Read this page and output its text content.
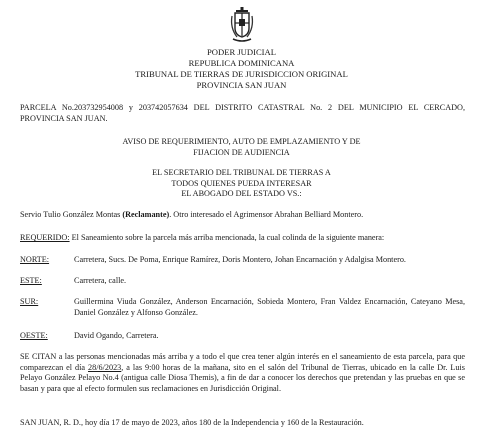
PODER JUDICIAL
REPUBLICA DOMINICANA
TRIBUNAL DE TIERRAS DE JURISDICCION ORIGINAL
PROVINCIA SAN JUAN
PARCELA No.203732954008 y 203742057634 DEL DISTRITO CATASTRAL No. 2 DEL MUNICIPIO EL CERCADO, PROVINCIA SAN JUAN.
AVISO DE REQUERIMIENTO, AUTO DE EMPLAZAMIENTO Y DE
FIJACION DE AUDIENCIA
EL SECRETARIO DEL TRIBUNAL DE TIERRAS A
TODOS QUIENES PUEDA INTERESAR
EL ABOGADO DEL ESTADO VS.:
Servio Tulio González Montas (Reclamante). Otro interesado el Agrimensor Abrahan Belliard Montero.
REQUERIDO: El Saneamiento sobre la parcela más arriba mencionada, la cual colinda de la siguiente manera:
NORTE:	Carretera, Sucs. De Poma, Enrique Ramírez, Doris Montero, Johan Encarnación y Adalgisa Montero.
ESTE:	Carretera, calle.
SUR:	Guillermina Viuda González, Anderson Encarnación, Sobieda Montero, Fran Valdez Encarnación, Cateyano Mesa, Daniel González y Alfonso González.
OESTE:	David Ogando, Carretera.
SE CITAN a las personas mencionadas más arriba y a todo el que crea tener algún interés en el saneamiento de esta parcela, para que comparezcan el día 28/6/2023, a las 9:00 horas de la mañana, sito en el salón del Tribunal de Tierras, ubicado en la calle Dr. Luis Pelayo González Pelayo No.4 (antigua calle Diosa Themis), a fin de dar a conocer los derechos que pretendan y las pruebas en que se basan y para que al efecto formulen sus reclamaciones en Jurisdicción Original.
SAN JUAN, R. D., hoy día 17 de mayo de 2023, años 180 de la Independencia y 160 de la Restauración.
